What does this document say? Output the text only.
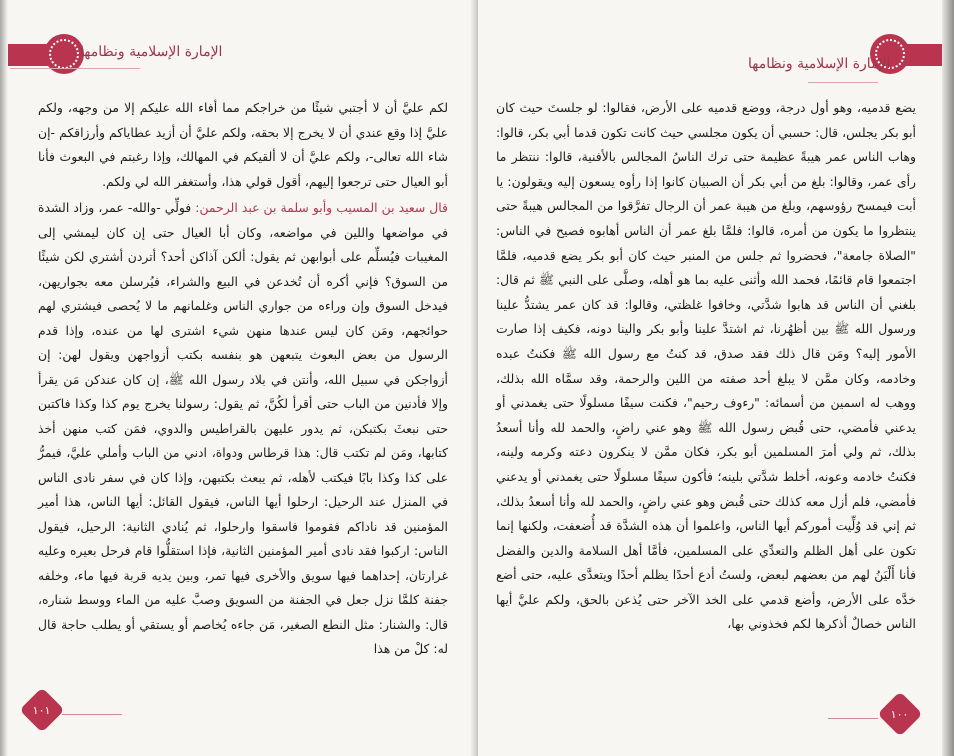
الإمارة الإسلامية ونظامها

لكم عليَّ أن لا أجتبي شيئًا من خراجكم مما أفاء الله عليكم إلا من وجهه، ولكم عليَّ إذا وقع عندي أن لا يخرج إلا بحقه، ولكم عليَّ أن أزيد عطاياكم وأرزاقكم -إن شاء الله تعالى-، ولكم عليَّ أن لا ألقيكم في المهالك، وإذا رغبتم في البعوث فأنا أبو العيال حتى ترجعوا إليهم، أقول قولي هذا، وأستغفر الله لي ولكم.

قال سعيد بن المسيب وأبو سلمة بن عبد الرحمن: فولِّي -والله- عمر، وزاد الشدة في مواضعها واللين في مواضعه، وكان أبا العيال حتى إن كان ليمشي إلى المغيبات فيُسلِّم على أبوابهن ثم يقول: ألكن آذاكن أحد؟ أتردن أشتري لكن شيئًا من السوق؟ فإني أكره أن تُخدعن في البيع والشراء، فيُرسلن معه بجواريهن، فيدخل السوق وإن وراءه من جواري الناس وغلمانهم ما لا يُحصى فيشتري لهم حوائجهم، ومَن كان ليس عندها منهن شيء اشترى لها من عنده، وإذا قدم الرسول من بعض البعوث يتبعهن هو بنفسه بكتب أزواجهن ويقول لهن: إن أزواجكن في سبيل الله، وأنتن في بلاد رسول الله ﷺ، إن كان عندكن مَن يقرأ وإلا فأدنين من الباب حتى أقرأ لكُنَّ، ثم يقول: رسولنا يخرج يوم كذا وكذا فاكتبن حتى نبعثَ بكتبكن، ثم يدور عليهن بالقراطيس والدوي، فمَن كتب منهن أخذ كتابها، ومَن لم تكتب قال: هذا قرطاس ودواة، ادني من الباب وأملي عليَّ، فيمرُّ على كذا وكذا بابًا فيكتب لأهله، ثم يبعث بكتبهن، وإذا كان في سفر نادى الناس في المنزل عند الرحيل: ارحلوا أيها الناس، فيقول القائل: أيها الناس، هذا أمير المؤمنين قد ناداكم فقوموا فاسقوا وارحلوا، ثم يُنادي الثانية: الرحيل، فيقول الناس: اركبوا فقد نادى أمير المؤمنين الثانية، فإذا استقلُّوا قام فرحل بعيره وعليه غرارتان، إحداهما فيها سويق والأخرى فيها تمر، وبين يديه قربة فيها ماء، وخلفه جفنة كلمَّا نزل جعل في الجفنة من السويق وصبَّ عليه من الماء ووسط شناره، قال: والشنار: مثل النطع الصغير، مَن جاءه يُخاصم أو يستقي أو يطلب حاجة قال له: كلْ من هذا

١٠١
الإمارة الإسلامية ونظامها

يضع قدميه، وهو أول درجة، ووضع قدميه على الأرض، فقالوا: لو جلستَ حيث كان أبو بكر يجلس، قال: حسبي أن يكون مجلسي حيث كانت تكون قدما أبي بكر، قالوا: وهاب الناس عمر هيبةً عظيمة حتى ترك الناسُ المجالس بالأفنية، قالوا: ننتظر ما رأى عمر، وقالوا: بلغ من أبي بكر أن الصبيان كانوا إذا رأوه يسعون إليه ويقولون: يا أبت فيمسح رؤوسهم، وبلغ من هيبة عمر أن الرجال تفرَّقوا من المجالس هيبةً حتى ينتظروا ما يكون من أمره، قالوا: فلمَّا بلغ عمر أن الناس أهابوه فصيح في الناس: "الصلاة جامعة"، فحضروا ثم جلس من المنبر حيث كان أبو بكر يضع قدميه، فلمَّا اجتمعوا قام قائمًا، فحمد الله وأثنى عليه بما هو أهله، وصلَّى على النبي ﷺ ثم قال: بلغني أن الناس قد هابوا شدَّتي، وخافوا غلظتي، وقالوا: قد كان عمر يشتدُّ علينا ورسول الله ﷺ بين أظهُرنا، ثم اشتدَّ علينا وأبو بكر والينا دونه، فكيف إذا صارت الأمور إليه؟ ومَن قال ذلك فقد صدق، قد كنتُ مع رسول الله ﷺ فكنتُ عبده وخادمه، وكان ممَّن لا يبلغ أحد صفته من اللين والرحمة، وقد سمَّاه الله بذلك، ووهب له اسمين من أسمائه: "رءوف رحيم"، فكنت سيفًا مسلولًا حتى يغمدني أو يدعني فأمضي، حتى قُبض رسول الله ﷺ وهو عني راضٍ، والحمد لله وأنا أسعدُ بذلك، ثم ولي أمرَ المسلمين أبو بكر، فكان ممَّن لا ينكرون دعته وكرمه ولينه، فكنتُ خادمه وعونه، أخلط شدَّتي بلينه؛ فأكون سيفًا مسلولًا حتى يغمدني أو يدعني فأمضي، فلم أزل معه كذلك حتى قُبض وهو عني راضٍ، والحمد لله وأنا أسعدُ بذلك، ثم إني قد وُلِّيت أموركم أيها الناس، واعلموا أن هذه الشدَّة قد أُضعفت، ولكنها إنما تكون على أهل الظلم والتعدِّي على المسلمين، فأمَّا أهل السلامة والدين والفضل فأنا أَلْيَنُ لهم من بعضهم لبعض، ولستُ أدع أحدًا يظلم أحدًا ويتعدَّى عليه، حتى أضع خدَّه على الأرض، وأضع قدمي على الخد الآخر حتى يُذعن بالحق، ولكم عليَّ أيها الناس خصالٌ أذكرها لكم فخذوني بها،

١٠٠
